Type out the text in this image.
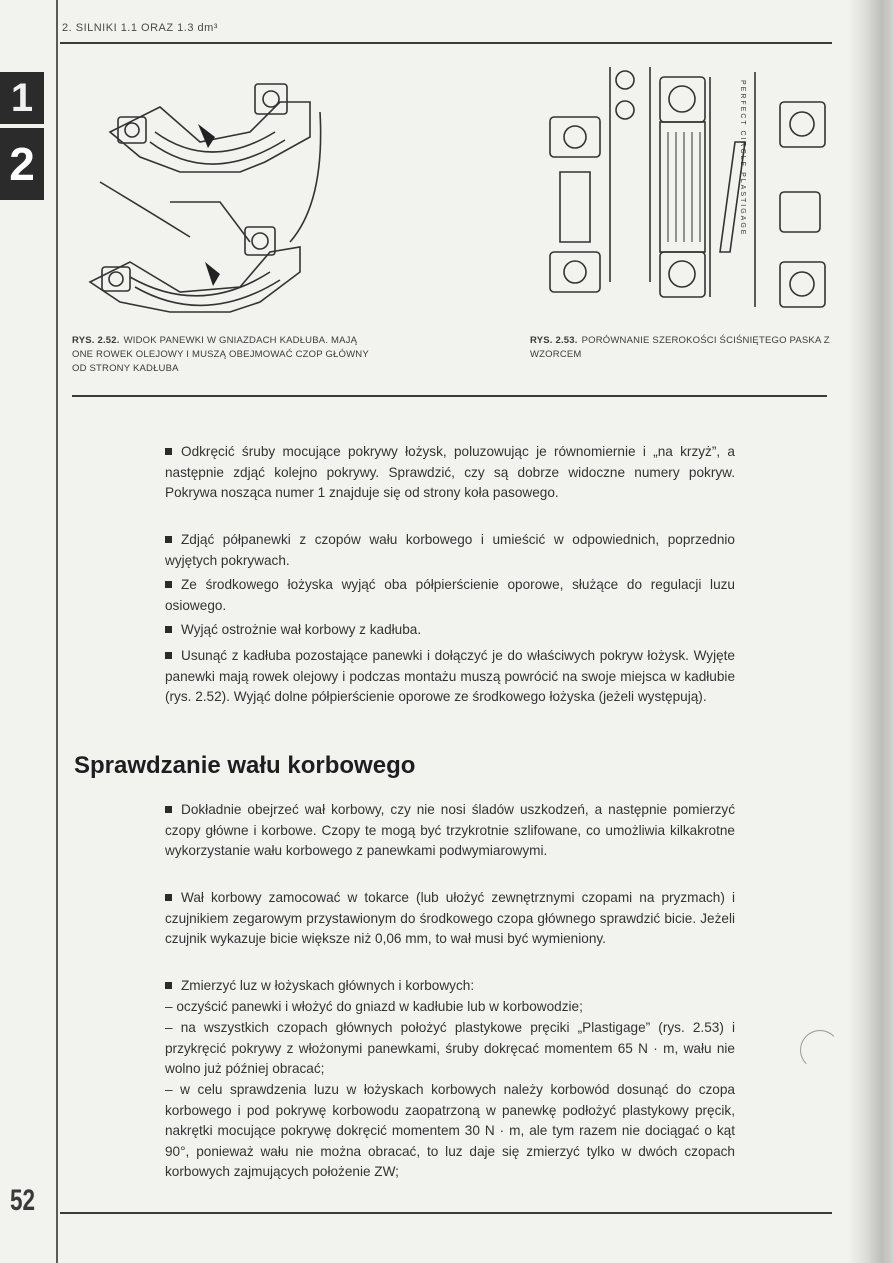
2. SILNIKI 1.1 ORAZ 1.3 dm³
1
2	PERFECT CIRCLE PLASTIGAGE
RYS. 2.52. WIDOK PANEWKI W GNIAZDACH KADŁUBA. MAJĄ ONE ROWEK OLEJOWY I MUSZĄ OBEJMOWAĆ CZOP GŁÓWNY OD STRONY KADŁUBA
RYS. 2.53. PORÓWNANIE SZEROKOŚCI ŚCIŚNIĘTEGO PASKA Z WZORCEM

Odkręcić śruby mocujące pokrywy łożysk, poluzowując je równomiernie i „na krzyż”, a następnie zdjąć kolejno pokrywy. Sprawdzić, czy są dobrze widoczne numery pokryw. Pokrywa nosząca numer 1 znajduje się od strony koła pasowego.

Zdjąć półpanewki z czopów wału korbowego i umieścić w odpowiednich, poprzednio wyjętych pokrywach.

Ze środkowego łożyska wyjąć oba półpierścienie oporowe, służące do regulacji luzu osiowego.

Wyjąć ostrożnie wał korbowy z kadłuba.

Usunąć z kadłuba pozostające panewki i dołączyć je do właściwych pokryw łożysk. Wyjęte panewki mają rowek olejowy i podczas montażu muszą powrócić na swoje miejsca w kadłubie (rys. 2.52). Wyjąć dolne półpierścienie oporowe ze środkowego łożyska (jeżeli występują).

Sprawdzanie wału korbowego

Dokładnie obejrzeć wał korbowy, czy nie nosi śladów uszkodzeń, a następnie pomierzyć czopy główne i korbowe. Czopy te mogą być trzykrotnie szlifowane, co umożliwia kilkakrotne wykorzystanie wału korbowego z panewkami podwymiarowymi.

Wał korbowy zamocować w tokarce (lub ułożyć zewnętrznymi czopami na pryzmach) i czujnikiem zegarowym przystawionym do środkowego czopa głównego sprawdzić bicie. Jeżeli czujnik wykazuje bicie większe niż 0,06 mm, to wał musi być wymieniony.

Zmierzyć luz w łożyskach głównych i korbowych:

– oczyścić panewki i włożyć do gniazd w kadłubie lub w korbowodzie;

– na wszystkich czopach głównych położyć plastykowe pręciki „Plastigage” (rys. 2.53) i przykręcić pokrywy z włożonymi panewkami, śruby dokręcać momentem 65 N · m, wału nie wolno już później obracać;

– w celu sprawdzenia luzu w łożyskach korbowych należy korbowód dosunąć do czopa korbowego i pod pokrywę korbowodu zaopatrzoną w panewkę podłożyć plastykowy pręcik, nakrętki mocujące pokrywę dokręcić momentem 30 N · m, ale tym razem nie dociągać o kąt 90°, ponieważ wału nie można obracać, to luz daje się zmierzyć tylko w dwóch czopach korbowych zajmujących położenie ZW;

52
